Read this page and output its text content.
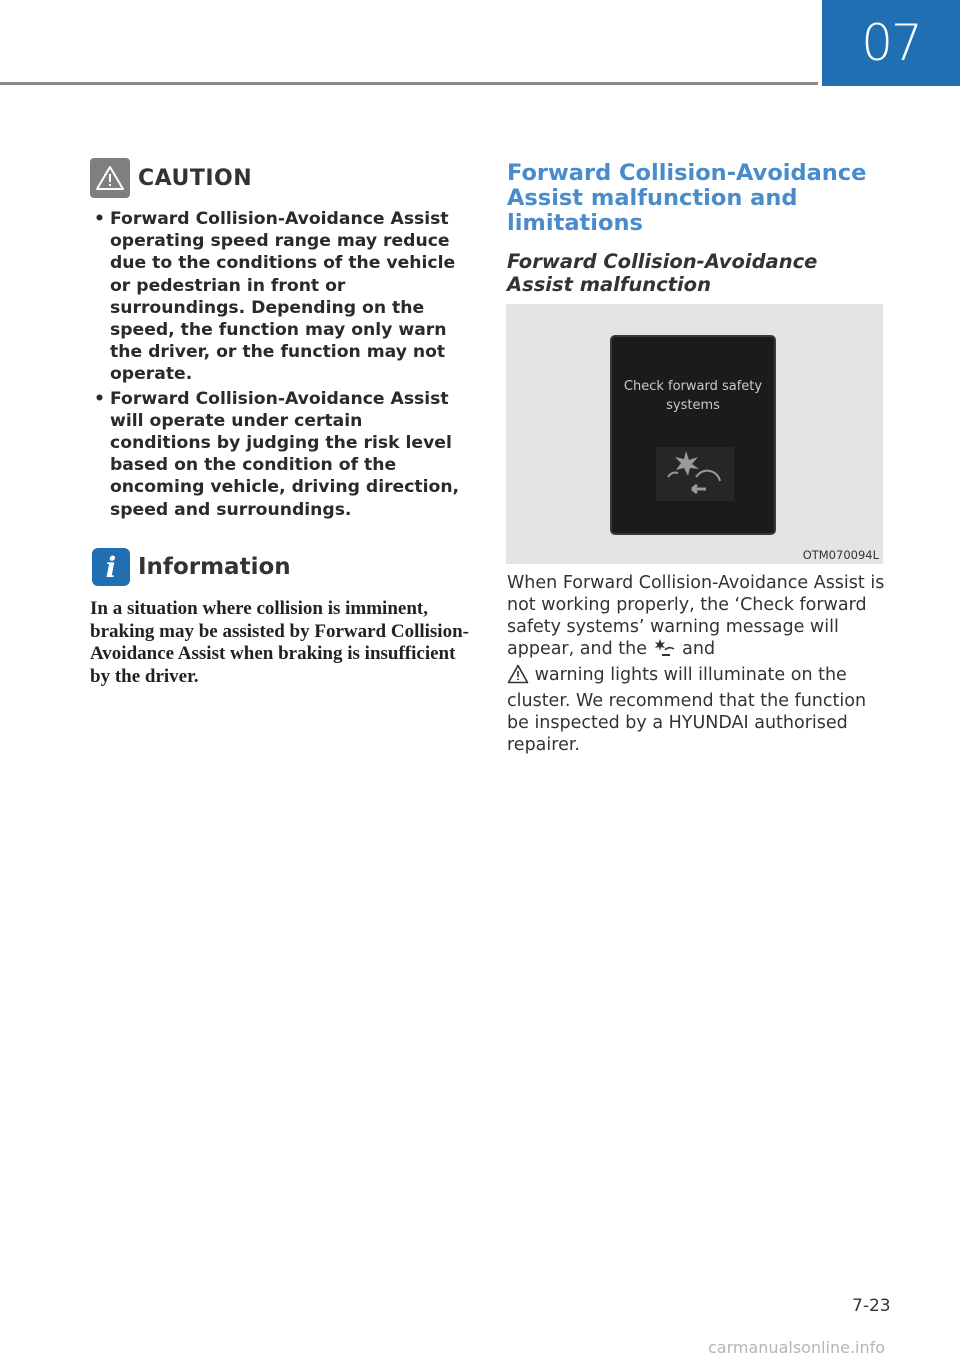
07
CAUTION
• Forward Collision-Avoidance Assist operating speed range may reduce due to the conditions of the vehicle or pedestrian in front or surroundings. Depending on the speed, the function may only warn the driver, or the function may not operate.
• Forward Collision-Avoidance Assist will operate under certain conditions by judging the risk level based on the condition of the oncoming vehicle, driving direction, speed and surroundings.
i Information

In a situation where collision is imminent, braking may be assisted by Forward Collision-Avoidance Assist when braking is insufficient by the driver.

Forward Collision-Avoidance Assist malfunction and limitations
Forward Collision-Avoidance Assist malfunction
Check forward safety systems
OTM070094L

When Forward Collision-Avoidance Assist is not working properly, the ‘Check forward safety systems’ warning message will appear, and the and
warning lights will illuminate on the cluster. We recommend that the function be inspected by a HYUNDAI authorised repairer.

7-23
carmanualsonline.info
